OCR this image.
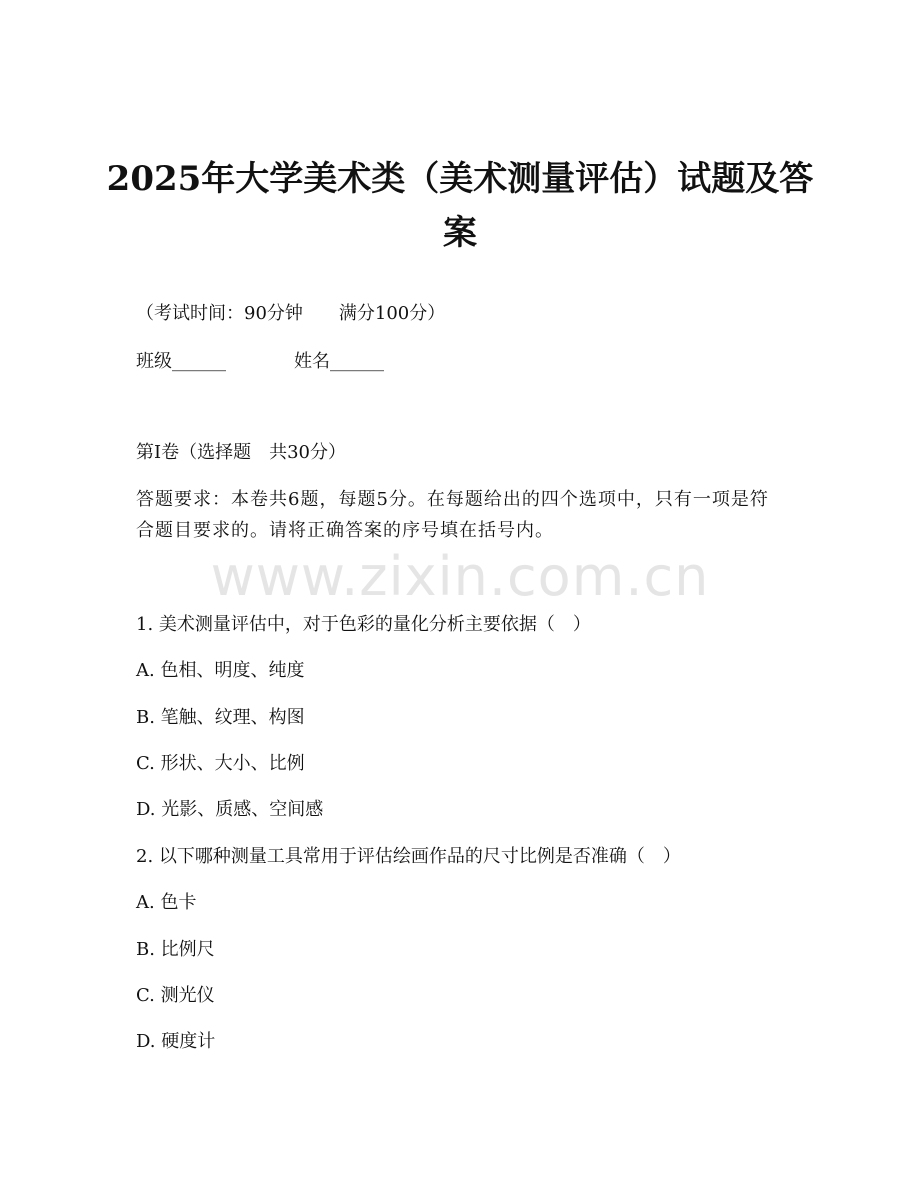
2025年大学美术类（美术测量评估）试题及答案
（考试时间：90分钟　　满分100分）
班级______	姓名______
第Ⅰ卷（选择题　共30分）
答题要求：本卷共6题，每题5分。在每题给出的四个选项中，只有一项是符合题目要求的。请将正确答案的序号填在括号内。
www.zixin.com.cn
1. 美术测量评估中，对于色彩的量化分析主要依据（　）
A. 色相、明度、纯度
B. 笔触、纹理、构图
C. 形状、大小、比例
D. 光影、质感、空间感
2. 以下哪种测量工具常用于评估绘画作品的尺寸比例是否准确（　）
A. 色卡
B. 比例尺
C. 测光仪
D. 硬度计
